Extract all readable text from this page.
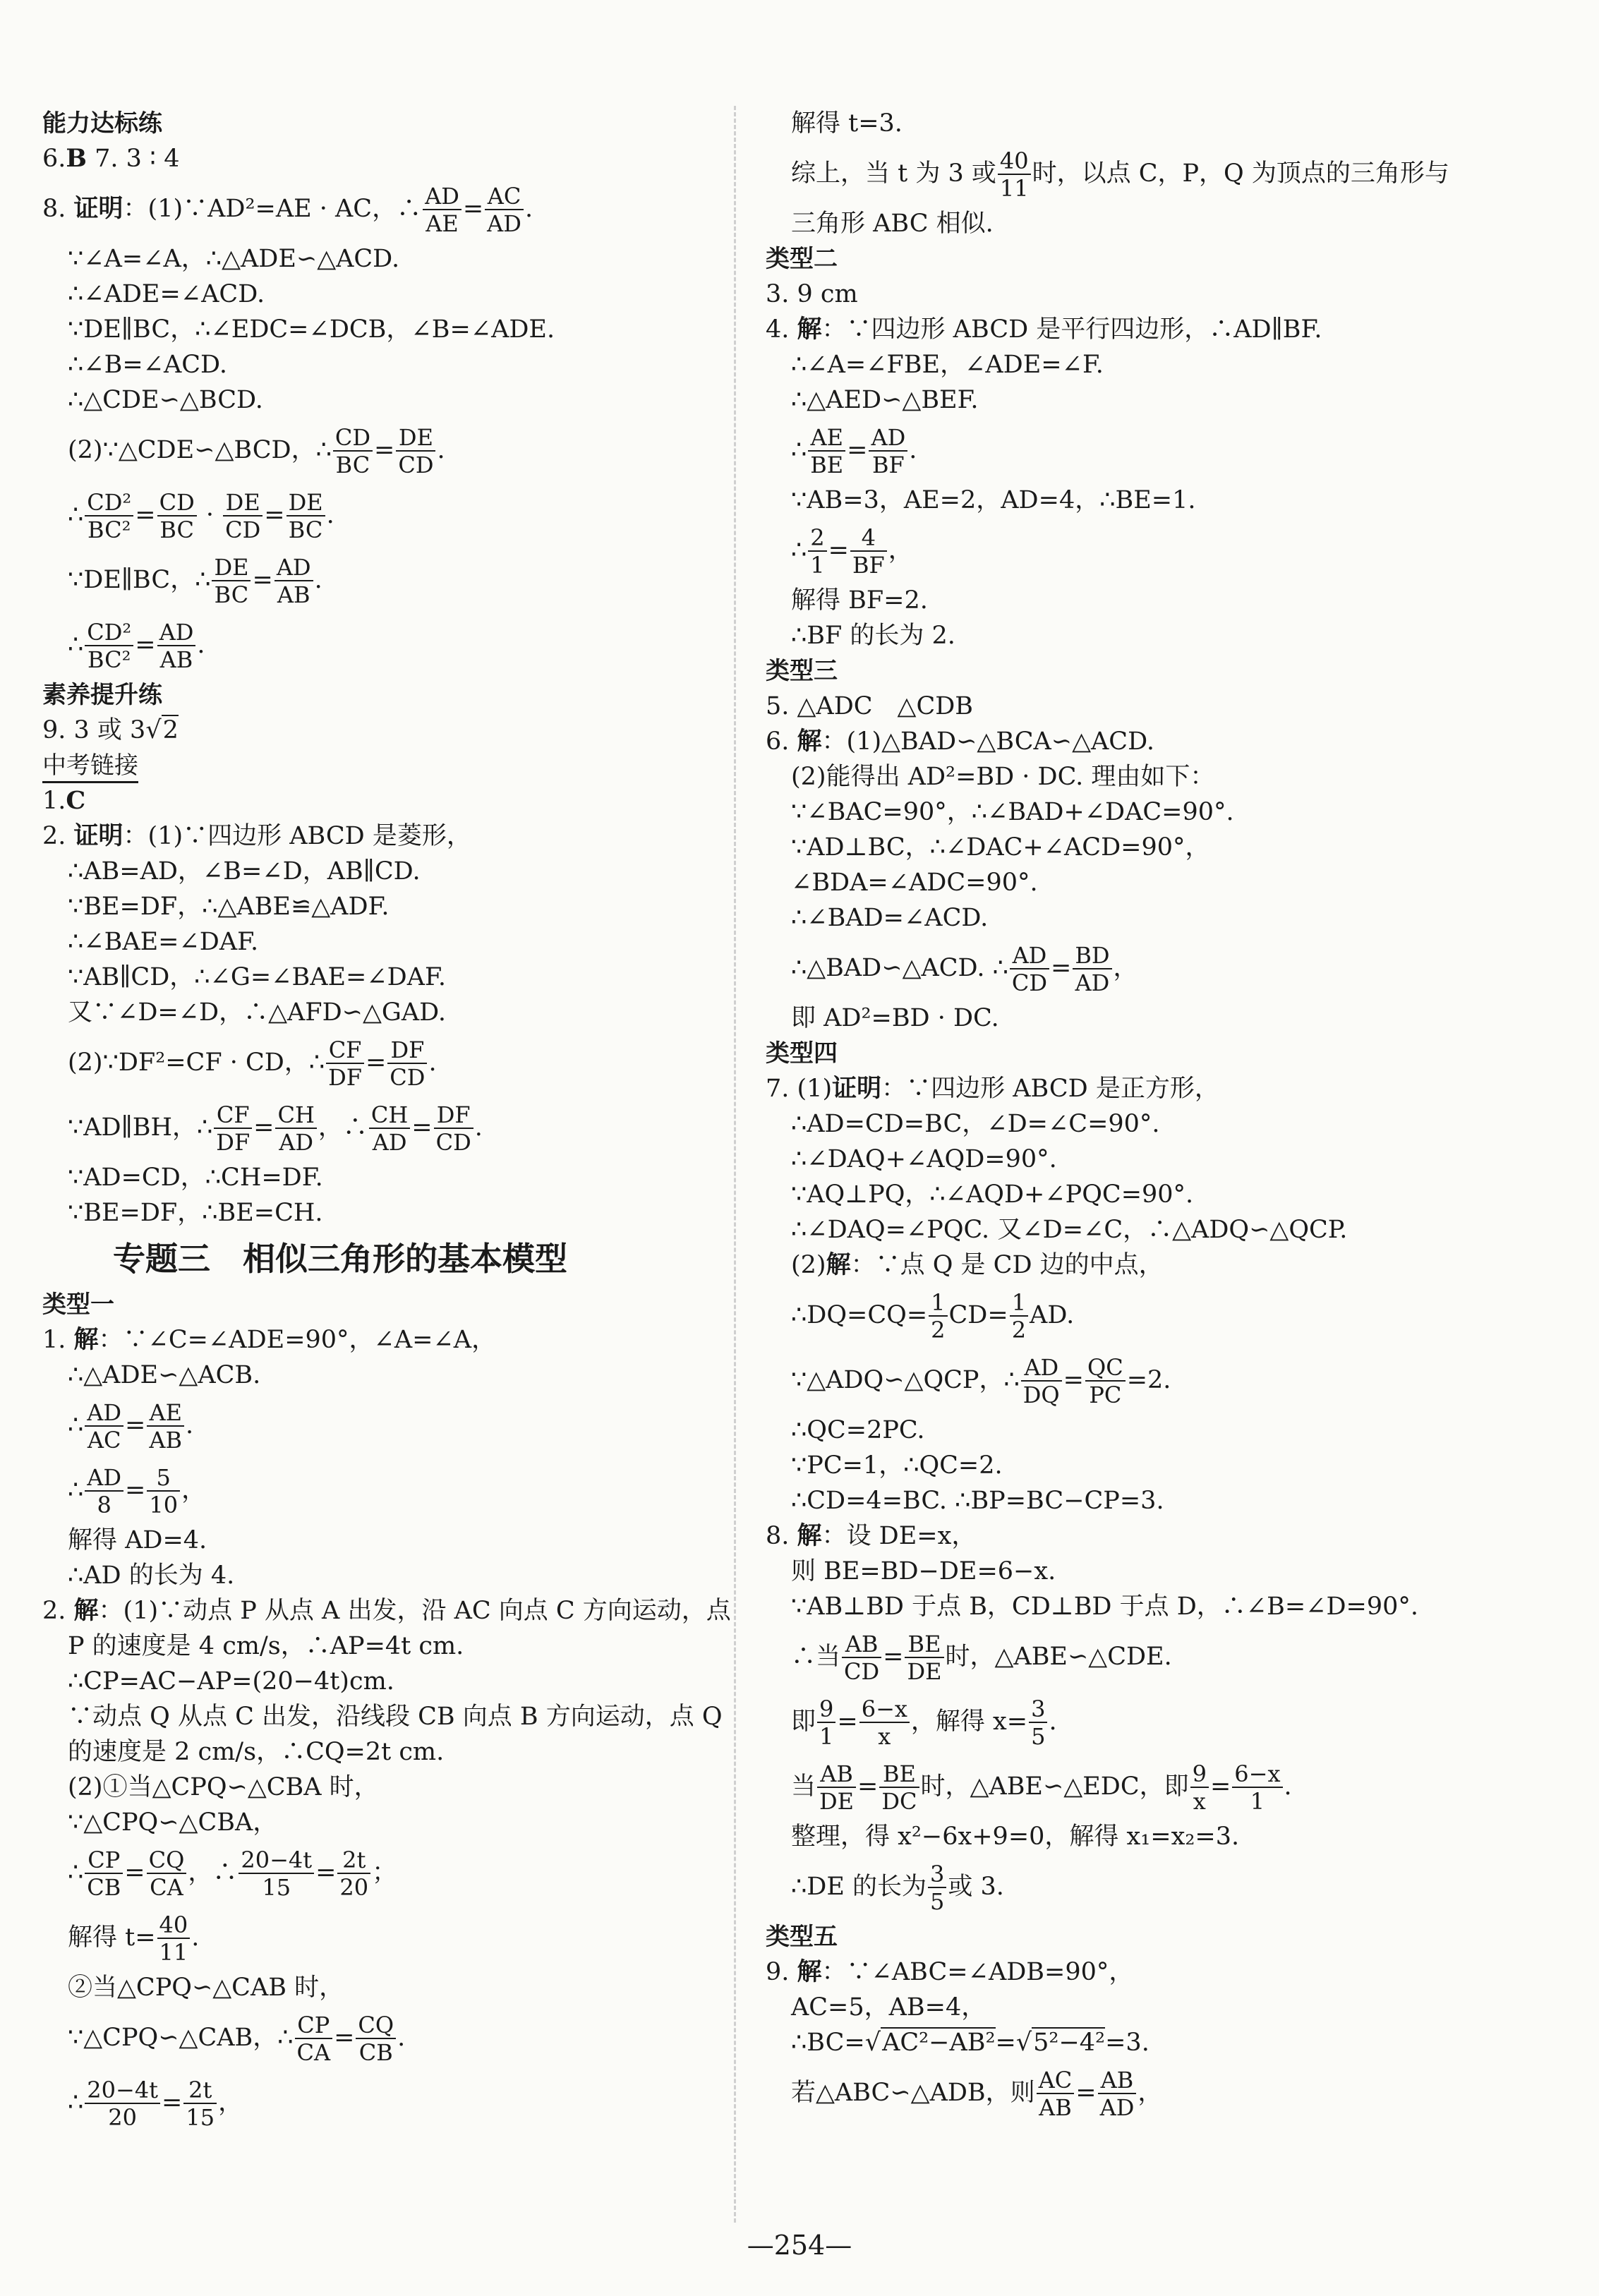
能力达标练
6.B 7. 3 ∶ 4
8. 证明：(1)∵AD²=AE · AC，∴ $\frac{AD}{AE} = \frac{AC}{AD}$ .
∵∠A=∠A，∴△ADE∽△ACD.
∴∠ADE=∠ACD.
∵DE∥BC，∴∠EDC=∠DCB，∠B=∠ADE.
∴∠B=∠ACD.
∴△CDE∽△BCD.
(2)∵△CDE∽△BCD，∴ $\frac{CD}{BC} = \frac{DE}{CD}$ .
∴ $\frac{\text{CD²}}{\text{BC²}} = \frac{CD}{BC} \cdot \frac{DE}{CD} = \frac{DE}{BC}$ .
∵DE∥BC，∴ $\frac{DE}{BC} = \frac{AD}{AB}$ .
∴ $\frac{\text{CD²}}{\text{BC²}} = \frac{AD}{AB}$ .
素养提升练
9. 3 或 3√2
中考链接
1.C
2. 证明：(1)∵四边形 ABCD 是菱形，
∴AB=AD，∠B=∠D，AB∥CD.
∵BE=DF，∴△ABE≌△ADF.
∴∠BAE=∠DAF.
∵AB∥CD，∴∠G=∠BAE=∠DAF.
又∵∠D=∠D，∴△AFD∽△GAD.
(2)∵DF²=CF · CD，∴ $\frac{CF}{DF} = \frac{DF}{CD}$ .
∵AD∥BH，∴ $\frac{CF}{DF} = \frac{CH}{AD}$ ，∴ $\frac{CH}{AD} = \frac{DF}{CD}$ .
∵AD=CD，∴CH=DF.
∵BE=DF，∴BE=CH.
专题三　相似三角形的基本模型
类型一
1. 解：∵∠C=∠ADE=90°，∠A=∠A，
∴△ADE∽△ACB.
∴ $\frac{AD}{AC} = \frac{AE}{AB}$ .
∴ $\frac{AD}{8} = \frac{5}{10}$ ，
解得 AD=4.
∴AD 的长为 4.
2. 解：(1)∵动点 P 从点 A 出发，沿 AC 向点 C 方向运动，点
P 的速度是 4 cm/s，∴AP=4t cm.
∴CP=AC−AP=(20−4t)cm.
∵动点 Q 从点 C 出发，沿线段 CB 向点 B 方向运动，点 Q
的速度是 2 cm/s，∴CQ=2t cm.
(2)①当△CPQ∽△CBA 时，
∵△CPQ∽△CBA，
∴ $\frac{CP}{CB} = \frac{CQ}{CA}$ ，∴ $\frac{20-4t}{15} = \frac{2t}{20}$ ；
解得 $t= \frac{40}{11}$ .
②当△CPQ∽△CAB 时，
∵△CPQ∽△CAB，∴ $\frac{CP}{CA} = \frac{CQ}{CB}$ .
∴ $\frac{20-4t}{20} = \frac{2t}{15}$ ，
解得 t=3.
综上，当 t 为 3 或 $\frac{40}{11}$ 时，以点 C，P，Q 为顶点的三角形与
三角形 ABC 相似.
类型二
3. 9 cm
4. 解：∵四边形 ABCD 是平行四边形，∴AD∥BF.
∴∠A=∠FBE，∠ADE=∠F.
∴△AED∽△BEF.
∴ $\frac{AE}{BE} = \frac{AD}{BF}$ .
∵AB=3，AE=2，AD=4，∴BE=1.
∴ $\frac{2}{1} = \frac{4}{BF}$ ，
解得 BF=2.
∴BF 的长为 2.
类型三
5. △ADC　△CDB
6. 解：(1)△BAD∽△BCA∽△ACD.
(2)能得出 AD²=BD · DC. 理由如下：
∵∠BAC=90°，∴∠BAD+∠DAC=90°.
∵AD⊥BC，∴∠DAC+∠ACD=90°，
∠BDA=∠ADC=90°.
∴∠BAD=∠ACD.
∴△BAD∽△ACD. ∴ $\frac{AD}{CD} = \frac{BD}{AD}$ ，
即 AD²=BD · DC.
类型四
7. (1)证明：∵四边形 ABCD 是正方形，
∴AD=CD=BC，∠D=∠C=90°.
∴∠DAQ+∠AQD=90°.
∵AQ⊥PQ，∴∠AQD+∠PQC=90°.
∴∠DAQ=∠PQC. 又∠D=∠C，∴△ADQ∽△QCP.
(2)解：∵点 Q 是 CD 边的中点，
∴DQ=CQ= $\frac{1}{2} CD= \frac{1}{2}$ AD.
∵△ADQ∽△QCP，∴ $\frac{AD}{DQ} = \frac{QC}{PC} =2$.
∴QC=2PC.
∵PC=1，∴QC=2.
∴CD=4=BC. ∴BP=BC−CP=3.
8. 解：设 DE=x，
则 BE=BD−DE=6−x.
∵AB⊥BD 于点 B，CD⊥BD 于点 D，∴∠B=∠D=90°.
∴当 $\frac{AB}{CD} = \frac{BE}{DE}$ 时，△ABE∽△CDE.
即 $\frac{9}{1} = \frac{6-x}{x}$ ，解得 $x= \frac{3}{5}$ .
当 $\frac{AB}{DE} = \frac{BE}{DC}$ 时，△ABE∽△EDC，即 $\frac{9}{x} = \frac{6-x}{1}$ .
整理，得 x²−6x+9=0，解得 x₁=x₂=3.
∴DE 的长为 $\frac{3}{5}$ 或 3.
类型五
9. 解：∵∠ABC=∠ADB=90°，
AC=5，AB=4，
∴BC=√AC²−AB²=√5²−4²=3.
若△ABC∽△ADB，则 $\frac{AC}{AB} = \frac{AB}{AD}$ ，
—254—
